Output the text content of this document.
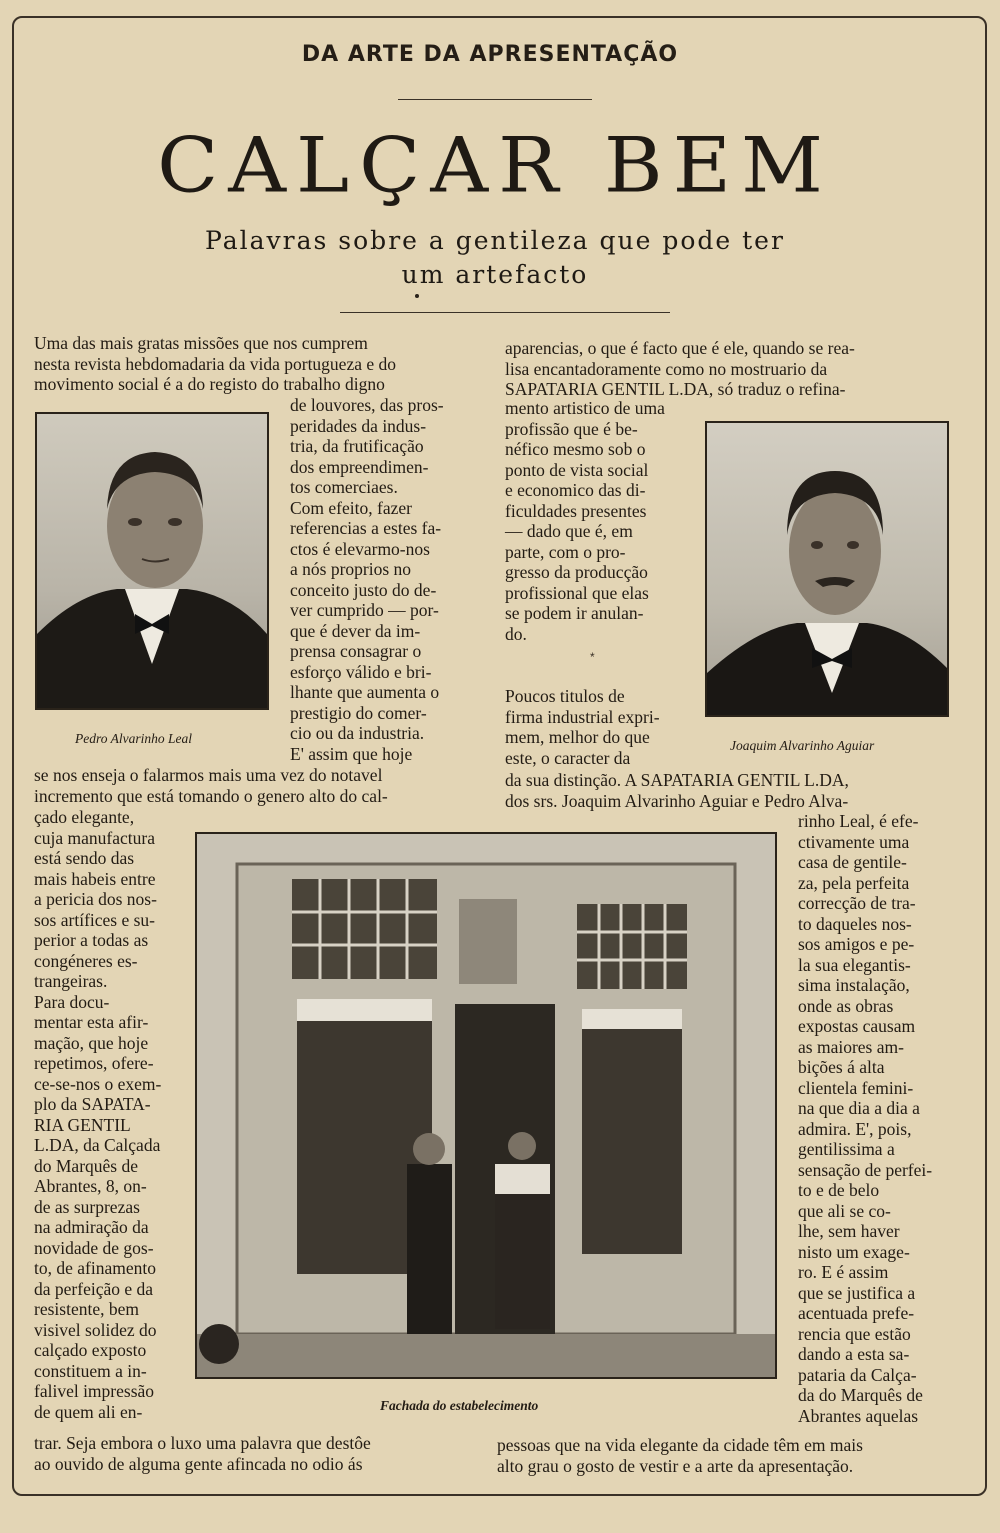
DA ARTE DA APRESENTAÇÃO
CALÇAR BEM
Palavras sobre a gentileza que pode ter
um artefacto
Uma das mais gratas missões que nos cumprem
nesta revista hebdomadaria da vida portugueza e do
movimento social é a do registo do trabalho digno
de louvores, das pros-
peridades da indus-
tria, da frutificação
dos empreendimen-
tos comerciaes.
Com efeito, fazer
referencias a estes fa-
ctos é elevarmo-nos
a nós proprios no
conceito justo do de-
ver cumprido — por-
que é dever da im-
prensa consagrar o
esforço válido e bri-
lhante que aumenta o
prestigio do comer-
cio ou da industria.
E' assim que hoje
se nos enseja o falarmos mais uma vez do notavel
incremento que está tomando o genero alto do cal-
çado elegante,
cuja manufactura
está sendo das
mais habeis entre
a pericia dos nos-
sos artífices e su-
perior a todas as
congéneres es-
trangeiras.
Para docu-
mentar esta afir-
mação, que hoje
repetimos, ofere-
ce-se-nos o exem-
plo da SAPATA-
RIA GENTIL
L.DA, da Calçada
do Marquês de
Abrantes, 8, on-
de as surprezas
na admiração da
novidade de gos-
to, de afinamento
da perfeição e da
resistente, bem
visivel solidez do
calçado exposto
constituem a in-
falivel impressão
de quem ali en-
trar. Seja embora o luxo uma palavra que destôe
ao ouvido de alguma gente afincada no odio ás
aparencias, o que é facto que é ele, quando se rea-
lisa encantadoramente como no mostruario da
SAPATARIA GENTIL L.DA, só traduz o refina-
mento artistico de uma
profissão que é be-
néfico mesmo sob o
ponto de vista social
e economico das di-
ficuldades presentes
— dado que é, em
parte, com o pro-
gresso da producção
profissional que elas
se podem ir anulan-
do.
*
Poucos titulos de
firma industrial expri-
mem, melhor do que
este, o caracter da
da sua distinção. A SAPATARIA GENTIL L.DA,
dos srs. Joaquim Alvarinho Aguiar e Pedro Alva-
rinho Leal, é efe-
ctivamente uma
casa de gentile-
za, pela perfeita
correcção de tra-
to daqueles nos-
sos amigos e pe-
la sua elegantis-
sima instalação,
onde as obras
expostas causam
as maiores am-
bições á alta
clientela femini-
na que dia a dia a
admira. E', pois,
gentilissima a
sensação de perfei-
to e de belo
que ali se co-
lhe, sem haver
nisto um exage-
ro. E é assim
que se justifica a
acentuada prefe-
rencia que estão
dando a esta sa-
pataria da Calça-
da do Marquês de
Abrantes aquelas
pessoas que na vida elegante da cidade têm em mais
alto grau o gosto de vestir e a arte da apresentação.
Pedro Alvarinho Leal	Joaquim Alvarinho Aguiar
Fachada do estabelecimento
